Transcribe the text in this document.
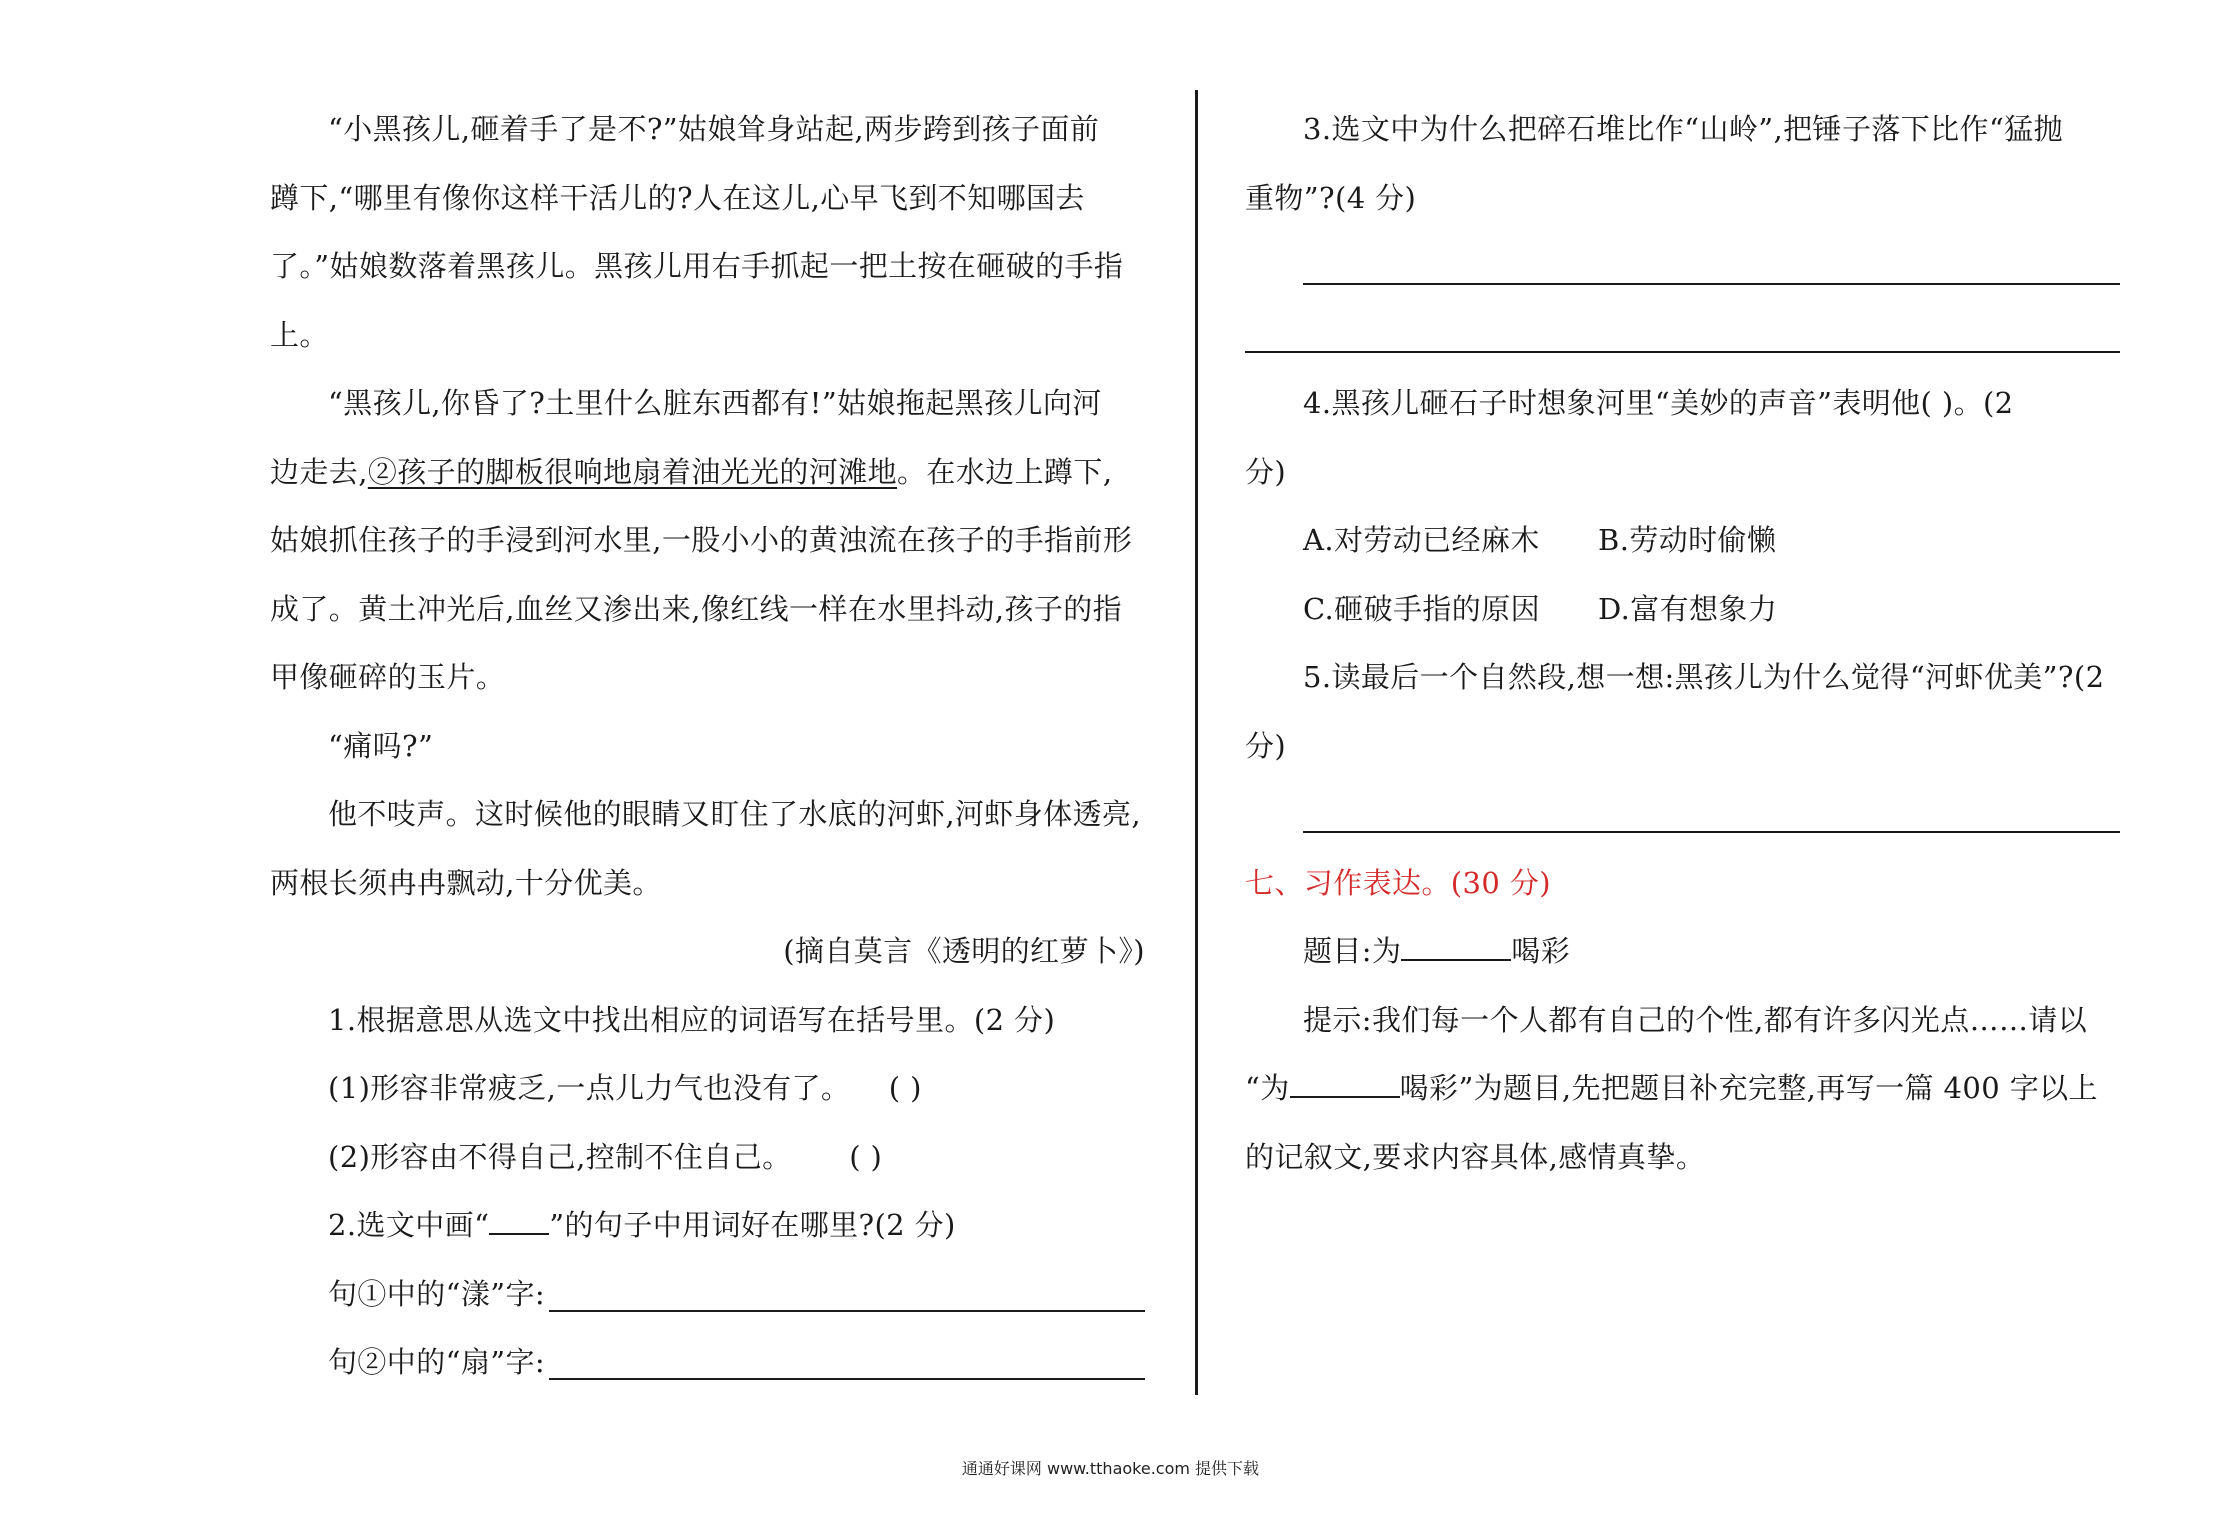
“小黑孩儿,砸着手了是不?”姑娘耸身站起,两步跨到孩子面前
蹲下,“哪里有像你这样干活儿的?人在这儿,心早飞到不知哪国去
了。”姑娘数落着黑孩儿。黑孩儿用右手抓起一把土按在砸破的手指
上。
“黑孩儿,你昏了?土里什么脏东西都有!”姑娘拖起黑孩儿向河
边走去,②孩子的脚板很响地扇着油光光的河滩地。在水边上蹲下,
姑娘抓住孩子的手浸到河水里,一股小小的黄浊流在孩子的手指前形
成了。黄土冲光后,血丝又渗出来,像红线一样在水里抖动,孩子的指
甲像砸碎的玉片。
“痛吗?”
他不吱声。这时候他的眼睛又盯住了水底的河虾,河虾身体透亮,
两根长须冉冉飘动,十分优美。
(摘自莫言《透明的红萝卜》)
1.根据意思从选文中找出相应的词语写在括号里。(2 分)
(1)形容非常疲乏,一点儿力气也没有了。 ( )
(2)形容由不得自己,控制不住自己。 ( )
2.选文中画“ ”的句子中用词好在哪里?(2 分)
句①中的“漾”字:
句②中的“扇”字:
3.选文中为什么把碎石堆比作“山岭”,把锤子落下比作“猛抛
重物”?(4 分)
4.黑孩儿砸石子时想象河里“美妙的声音”表明他( )。(2
分)
A.对劳动已经麻木 B.劳动时偷懒
C.砸破手指的原因 D.富有想象力
5.读最后一个自然段,想一想:黑孩儿为什么觉得“河虾优美”?(2
分)
七、习作表达。(30 分)
题目:为	喝彩
提示:我们每一个人都有自己的个性,都有许多闪光点……请以
“为	喝彩”为题目,先把题目补充完整,再写一篇 400 字以上
的记叙文,要求内容具体,感情真挚。
通通好课网 www.tthaoke.com 提供下载
